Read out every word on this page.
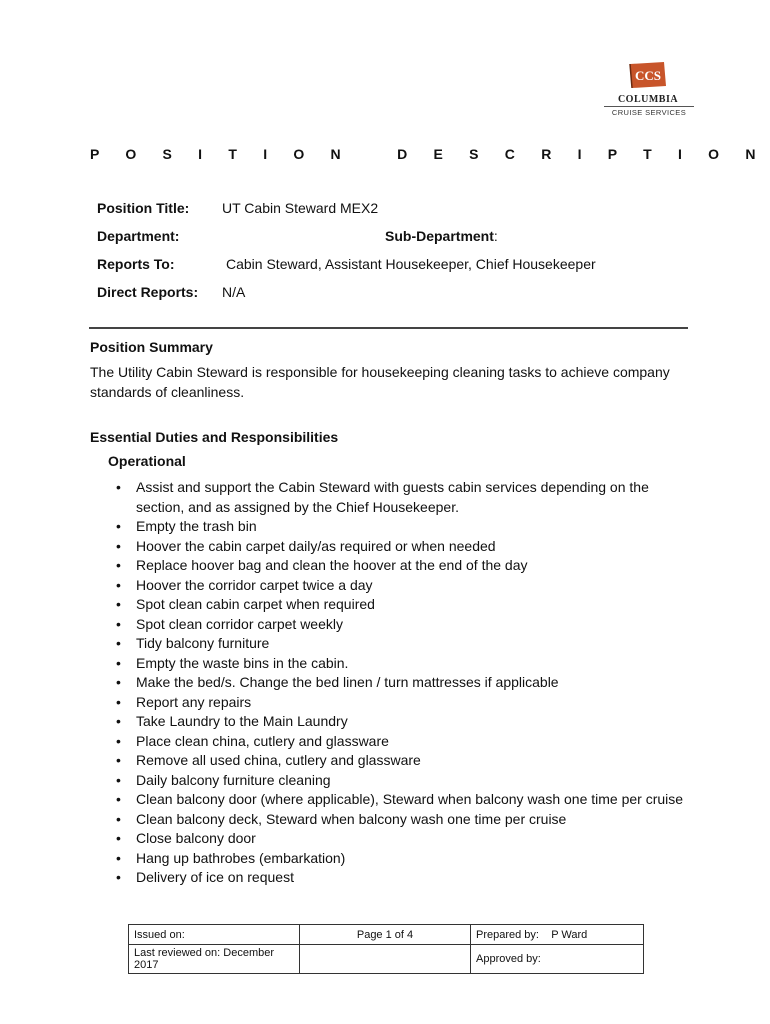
CCS
COLUMBIA
CRUISE SERVICES
P O S I T I O N   D E S C R I P T I O N
Position Title: UT Cabin Steward MEX2
Department:	Sub-Department:
Reports To:	Cabin Steward, Assistant Housekeeper, Chief Housekeeper
Direct Reports: N/A
Position Summary
The Utility Cabin Steward is responsible for housekeeping cleaning tasks to achieve company standards of cleanliness.
Essential Duties and Responsibilities
Operational
• Assist and support the Cabin Steward with guests cabin services depending on the section, and as assigned by the Chief Housekeeper.
• Empty the trash bin
• Hoover the cabin carpet daily/as required or when needed
• Replace hoover bag and clean the hoover at the end of the day
• Hoover the corridor carpet twice a day
• Spot clean cabin carpet when required
• Spot clean corridor carpet weekly
• Tidy balcony furniture
• Empty the waste bins in the cabin.
• Make the bed/s. Change the bed linen / turn mattresses if applicable
• Report any repairs
• Take Laundry to the Main Laundry
• Place clean china, cutlery and glassware
• Remove all used china, cutlery and glassware
• Daily balcony furniture cleaning
• Clean balcony door (where applicable), Steward when balcony wash one time per cruise
• Clean balcony deck, Steward when balcony wash one time per cruise
• Close balcony door
• Hang up bathrobes (embarkation)
• Delivery of ice on request
Issued on:	Page 1 of 4	Prepared by: P Ward
Last reviewed on: December 2017		Approved by:
